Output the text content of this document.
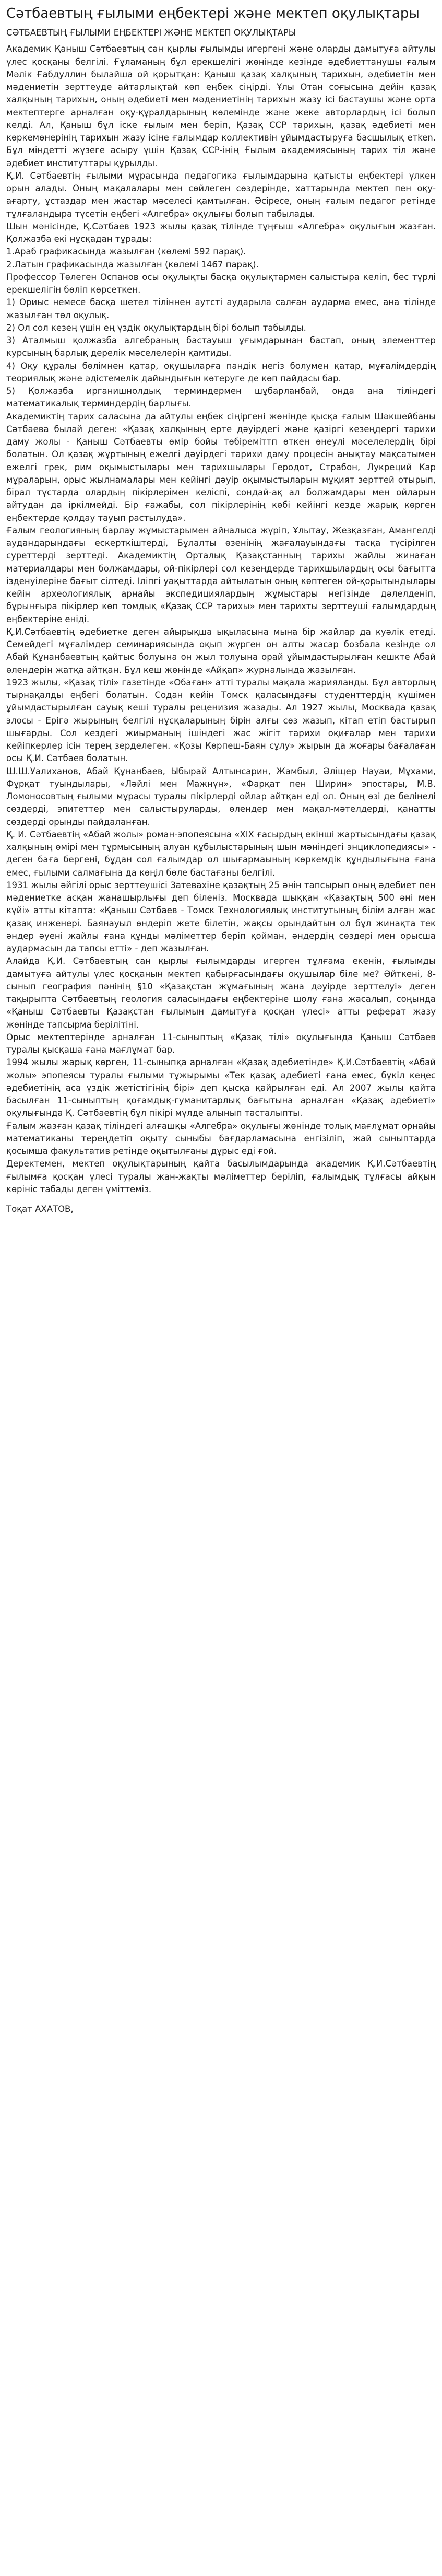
Сәтбаевтың ғылыми еңбектері және мектеп оқулықтары
СӘТБАЕВТЫҢ ҒЫЛЫМИ ЕҢБЕКТЕРІ ЖӘНЕ МЕКТЕП ОҚУЛЫҚТАРЫ

Академик Қаныш Сәтбаевтың сан қырлы ғылымды игергені және оларды дамытуға айтулы үлес қосқаны белгілі. Ғұламаның бұл ерекшелігі жөнінде кезінде әдебиеттанушы ғалым Мәлік Ғабдуллин былайша ой қорытқан: Қаныш қазақ халқының тарихын, әдебиетін мен мәдениетін зерттеуде айтарлықтай көп еңбек сіңірді. Ұлы Отан соғысына дейін қазақ халқының тарихын, оның әдебиеті мен мәдениетінің тарихын жазу ісі бастаушы және орта мектептерге арналған оқу-құралдарының көлемінде және жеке авторлардың ісі болып келді. Ал, Қаныш бұл іске ғылым мен беріп, Қазақ ССР тарихын, қазақ әдебиеті мен көркемөнерінің тарихын жазу ісіне ғалымдар коллективін ұйымдастыруға басшылық етken. Бұл міндетті жүзеге асыру үшін Қазақ ССР-інің Ғылым академиясының тарих тіл және әдебиет институттары құрылды.

Қ.И. Сәтбаевтің ғылыми мұрасында педагогика ғылымдарына қатысты еңбектері үлкен орын алады. Оның мақалалары мен сөйлеген сөздерінде, хаттарында мектеп пен оқу-ағарту, ұстаздар мен жастар мәселесі қамтылған. Әсіресе, оның ғалым педагог ретінде тұлғаландыра түсетін еңбегі «Алгебра» оқулығы болып табылады.

Шын мәнісінде, Қ.Сәтбаев 1923 жылы қазақ тілінде тұңғыш «Алгебра» оқулығын жазған. Қолжазба екі нұсқадан тұрады:

1.Араб графикасында жазылған (көлемі 592 парақ).

2.Латын графикасында жазылған (көлемі 1467 парақ).

Профессор Төлеген Оспанов осы оқулықты басқа оқулықтармен салыстыра келіп, бес түрлі ерекшелігін бөліп көрсеткен.

1) Ориыс немесе басқа шетел тіліннен аутсті аударыла салған аударма емес, ана тілінде жазылған төл оқулық.

2) Ол сол кезең үшін ең үздік оқулықтардың бірі болып табылды.

3) Аталмыш қолжазба алгебраның бастауыш ұғымдарынан бастап, оның элементтер курсының барлық дерелік мәселелерін қамтиды.

4) Оқу құралы бөлімнен қатар, оқушыларға пандік негіз болумен қатар, мұғалімдердің теориялық және әдістемелік дайындығын көтеруге де көп пайдасы бар.

5) Қолжазба ирганишнолдық терминдермен шұбарланбай, онда ана тіліндегі математикалық терминдердің барлығы.

Академиктің тарих саласына да айтулы еңбек сіңіргені жөнінде қысқа ғалым Шәкшейбаны Сәтбаева былай деген: «Қазақ халқының ерте дәуірдегі және қазіргі кезеңдергі тарихи даму жолы - Қаныш Сәтбаевты өмір бойы төбіреміттп өткен өнеулі мәселелердің бірі болатын. Ол қазақ жұртының ежелгі дәуірдегі тарихи даму процесін анықтау мақсатымен ежелгі грек, рим оқымыстылары мен тарихшылары Геродот, Страбон, Лукреций Кар мұраларын, орыс жылнамалары мен кейінгі дәуір оқымыстыларын мұқият зерттей отырып, бірал түстарда олардың пікірлерімен келіспі, сондай-ақ ал болжамдары мен ойларын айтудан да іркілмейді. Бір ғажабы, сол пікірлерінің көбі кейінгі кезде жарық көрген еңбектерде қолдау тауып растылуда».

Ғалым геологияның барлау жұмыстарымен айналыса жүріп, Ұлытау, Жезқазған, Амангелді аудандарындағы ескерткіштерді, Бұлалты өзенінің жағалауындағы тасқа түсірілген суреттерді зерттеді. Академиктің Орталық Қазақстанның тарихы жайлы жинаған материалдары мен болжамдары, ой-пікірлері сол кезеңдерде тарихшылардың осы бағытта ізденуілерінe бағыт сілтеді. Іліпгі уақыттарда айтылатын оның көптеген ой-қорытындылары кейін археологиялық арнайы экспедициялардың жұмыстары негізінде дәлелденіп, бұрынғыра пікірлер көп томдық «Қазақ ССР тарихы» мен тарихты зерттеуші ғалымдардың еңбектеріне еніді.

Қ.И.Сәтбаевтің әдебиетке деген айырықша ықыласына мына бір жайлар да куәлік етеді. Семейдегі мұғалімдер семинариясында оқып жүрген он алты жасар бозбала кезінде ол Абай Құнанбаевтың қайтыс болуына он жыл толуына орай ұйымдастырылған кешкте Абай өлендерін жатқа айтқан. Бұл кеш жөнінде «Айқап» журналында жазылған.

1923 жылы, «Қазақ тілі» газетінде «Оба​ған» атті туралы мақала жарияланды. Бұл авторлың тырнақалды еңбегі болатын. Содан кейін Томск қаласындағы студенттердің күшімен ұйымдастырылған сауық кеші туралы реценизия жазады. Ал 1927 жылы, Москвада қазақ элосы - Ерігә жырының белгілі нұсқаларының бірін алғы сөз жазып, кітап етіп бастырып шығарды. Сол кездегі жиырманың ішіндегі жас жігіт тарихи оқиғалар мен тарихи кейіпкерлер ісін терең зерделеген. «Қозы Көрпеш-Баян сұлу» жырын да жоғары бағалаған осы Қ.И. Сәтбаев болатын.

Ш.Ш.Уалиханов, Абай Құнанбаев, Ыбырай Алтынсарин, Жамбыл, Әліщер Науаи, Мұхами, Фұрқат туындылары, «Лəйлі мен Мажнүн», «Фарқат пен Ширин» эпостары, М.В. Ломоносовтың ғылыми мұрасы туралы пікірлерді ойлар айтқан еді ол. Оның өзі де белінелі сөздерді, эпитеттер мен салыстыруларды, өлендер мен мақал-мәтелдерді, қанатты сөздерді орынды пайдаланған.

Қ. И. Сәтбаевтің «Абай жолы» роман-эпопеясына «XIX ғасырдың екінші жартысындағы қазақ халқының өмірі мен тұрмысының алуан құбылыстарының шын мәніндегі энциклопедиясы» - деген баға бергені, бұдан сол ғалымдар ол шығармаының көркемдік құндылығына ғана емес, ғылыми салмағына да көңіл бөле бастағаны белгілі.

1931 жылы әйгілі орыс зерттеушісі Затевахіне қазақтың 25 әнін тапсырып оның әдебиет пен мәдениетке асқан жанашырлығы деп біленіз. Москвада шыққан «Қазақтың 500 әні мен күйі» атты кітапта: «Қаныш Сәтбаев - Томск Технологиялық институтының білім алған жас қазақ инженері. Баянауыл өндеріп жете білетін, жақсы орындайтын ол бұл жинақта тек әндер әуені жайлы ғана құнды мәліметтер беріп қойман, әндердің сөздері мен орысша аудармасын да тапсы етті» - деп жазылған.

Алайда Қ.И. Сәтбаевтың сан қырлы ғылымдарды игерген тұлғама екенін, ғылымды дамытуға айтулы үлес қосқанын мектеп қабырғасындағы оқушылар біле ме? Әйткені, 8-сынып география пәнінің §10 «Қазақстан жұмағының жана дәуірде зерттелуі» деген тақырыпта Сәтбаевтың геология саласындағы еңбектеріне шолу ғана жасалып, соңында «Қаныш Сәтбаевты Қазақстан ғылымын дамытуға қосқан үлесі» атты реферат жазу жөнінде тапсырма берілітіні.

Орыс мектептерінде арналған 11-сыныптың «Қазақ тілі» оқулығында Қаныш Сәтбаев туралы қысқаша ғана мағлұмат бар.

1994 жылы жарық көрген, 11-сыныпқа арналған «Қазақ әдебиетінде» Қ.И.Сәтбаевтің «Абай жолы» эпопеясы туралы ғылыми тұжырымы «Тек қазақ әдебиеті ғана емес, бүкіл кеңес әдебиетінің аса үздік жетістігінің бірі» деп қысқа қайрылған еді. Ал 2007 жылы қайта басылған 11-сыныптың қоғамдық-гуманитарлық бағытына арналған «Қазақ әдебиеті» оқулығында Қ. Сәтбаевтің бұл пікірі мүлде алынып тасталыпты.

Ғалым жазған қазақ тіліндегі алғашқы «Алгебра» оқулығы жөнінде толық мағлұмат орнайы математиканы тереңдетіп оқыту сыныбы бағдарламасына енгізіліп, жай сыныптарда қосымша факультатив ретінде оқытылғаны дұрыс еді ғой.

Деректемен, мектеп оқулықтарының қайта басылымдарында академик Қ.И.Сәтбаевтің ғылымға қосқан үлесі туралы жан-жақты мәліметтер беріліп, ғалымдық тұлғасы айқын көрініс табады деген үміттеміз.

Тоқат АХАТОВ,
